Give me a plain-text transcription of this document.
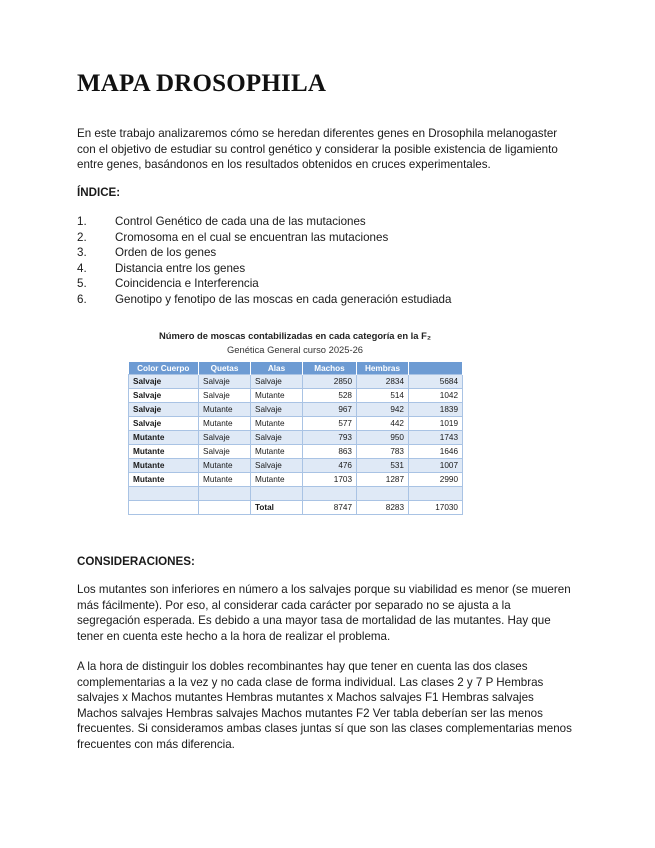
MAPA DROSOPHILA

En este trabajo analizaremos cómo se heredan diferentes genes en Drosophila melanogaster con el objetivo de estudiar su control genético y considerar la posible existencia de ligamiento entre genes, basándonos en los resultados obtenidos en cruces experimentales.

ÍNDICE:

1. Control Genético de cada una de las mutaciones
2. Cromosoma en el cual se encuentran las mutaciones
3. Orden de los genes
4. Distancia entre los genes
5. Coincidencia e Interferencia
6. Genotipo y fenotipo de las moscas en cada generación estudiada

Número de moscas contabilizadas en cada categoría en la F₂

Genética General curso 2025-26

Color Cuerpo	Quetas	Alas	Machos	Hembras	
Salvaje	Salvaje	Salvaje	2850	2834	5684
Salvaje	Salvaje	Mutante	528	514	1042
Salvaje	Mutante	Salvaje	967	942	1839
Salvaje	Mutante	Mutante	577	442	1019
Mutante	Salvaje	Salvaje	793	950	1743
Mutante	Salvaje	Mutante	863	783	1646
Mutante	Mutante	Salvaje	476	531	1007
Mutante	Mutante	Mutante	1703	1287	2990

		Total	8747	8283	17030

CONSIDERACIONES:

Los mutantes son inferiores en número a los salvajes porque su viabilidad es menor (se mueren más fácilmente). Por eso, al considerar cada carácter por separado no se ajusta a la segregación esperada. Es debido a una mayor tasa de mortalidad de las mutantes. Hay que tener en cuenta este hecho a la hora de realizar el problema.

A la hora de distinguir los dobles recombinantes hay que tener en cuenta las dos clases complementarias a la vez y no cada clase de forma individual. Las clases 2 y 7 P Hembras salvajes x Machos mutantes Hembras mutantes x Machos salvajes F1 Hembras salvajes Machos salvajes Hembras salvajes Machos mutantes F2 Ver tabla deberían ser las menos frecuentes. Si consideramos ambas clases juntas sí que son las clases complementarias menos frecuentes con más diferencia.
